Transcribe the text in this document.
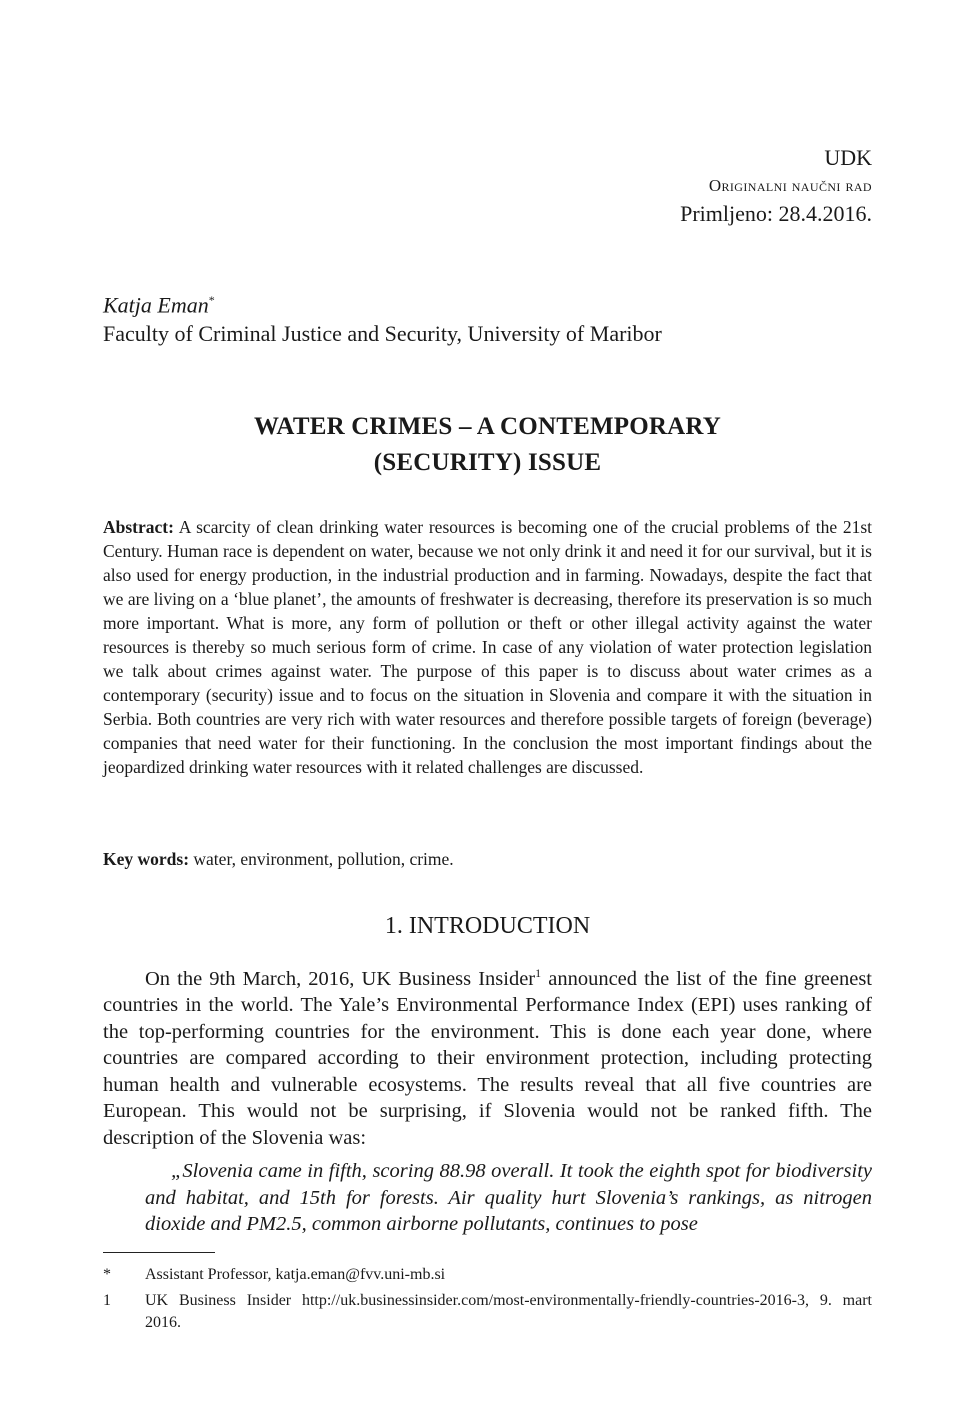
UDK
Originalni naučni rad
Primljeno: 28.4.2016.
Katja Eman*
Faculty of Criminal Justice and Security, University of Maribor
WATER CRIMES – A CONTEMPORARY
(SECURITY) ISSUE
Abstract: A scarcity of clean drinking water resources is becoming one of the crucial problems of the 21st Century. Human race is dependent on water, because we not only drink it and need it for our survival, but it is also used for energy production, in the industrial production and in farming. Nowadays, despite the fact that we are living on a ‘blue planet’, the amounts of freshwater is decreasing, therefore its preservation is so much more important. What is more, any form of pollution or theft or other illegal activity against the water resources is thereby so much serious form of crime. In case of any violation of water protection legislation we talk about crimes against water. The purpose of this paper is to discuss about water crimes as a contemporary (security) issue and to focus on the situation in Slovenia and compare it with the situation in Serbia. Both countries are very rich with water resources and therefore possible targets of foreign (beverage) companies that need water for their functioning. In the conclusion the most important findings about the jeopardized drinking water resources with it related challenges are discussed.
Key words: water, environment, pollution, crime.
1. INTRODUCTION
On the 9th March, 2016, UK Business Insider$^1$ announced the list of the fine greenest countries in the world. The Yale’s Environmental Performance Index (EPI) uses ranking of the top-performing countries for the environment. This is done each year done, where countries are compared according to their environment protection, including protecting human health and vulnerable ecosystems. The results reveal that all five countries are European. This would not be surprising, if Slovenia would not be ranked fifth. The description of the Slovenia was:
„Slovenia came in fifth, scoring 88.98 overall. It took the eighth spot for biodiversity and habitat, and 15th for forests. Air quality hurt Slovenia’s rankings, as nitrogen dioxide and PM2.5, common airborne pollutants, continues to pose
*	Assistant Professor, katja.eman@fvv.uni-mb.si
1	UK Business Insider http://uk.businessinsider.com/most-environmentally-friendly-countries-2016-3, 9. mart 2016.
